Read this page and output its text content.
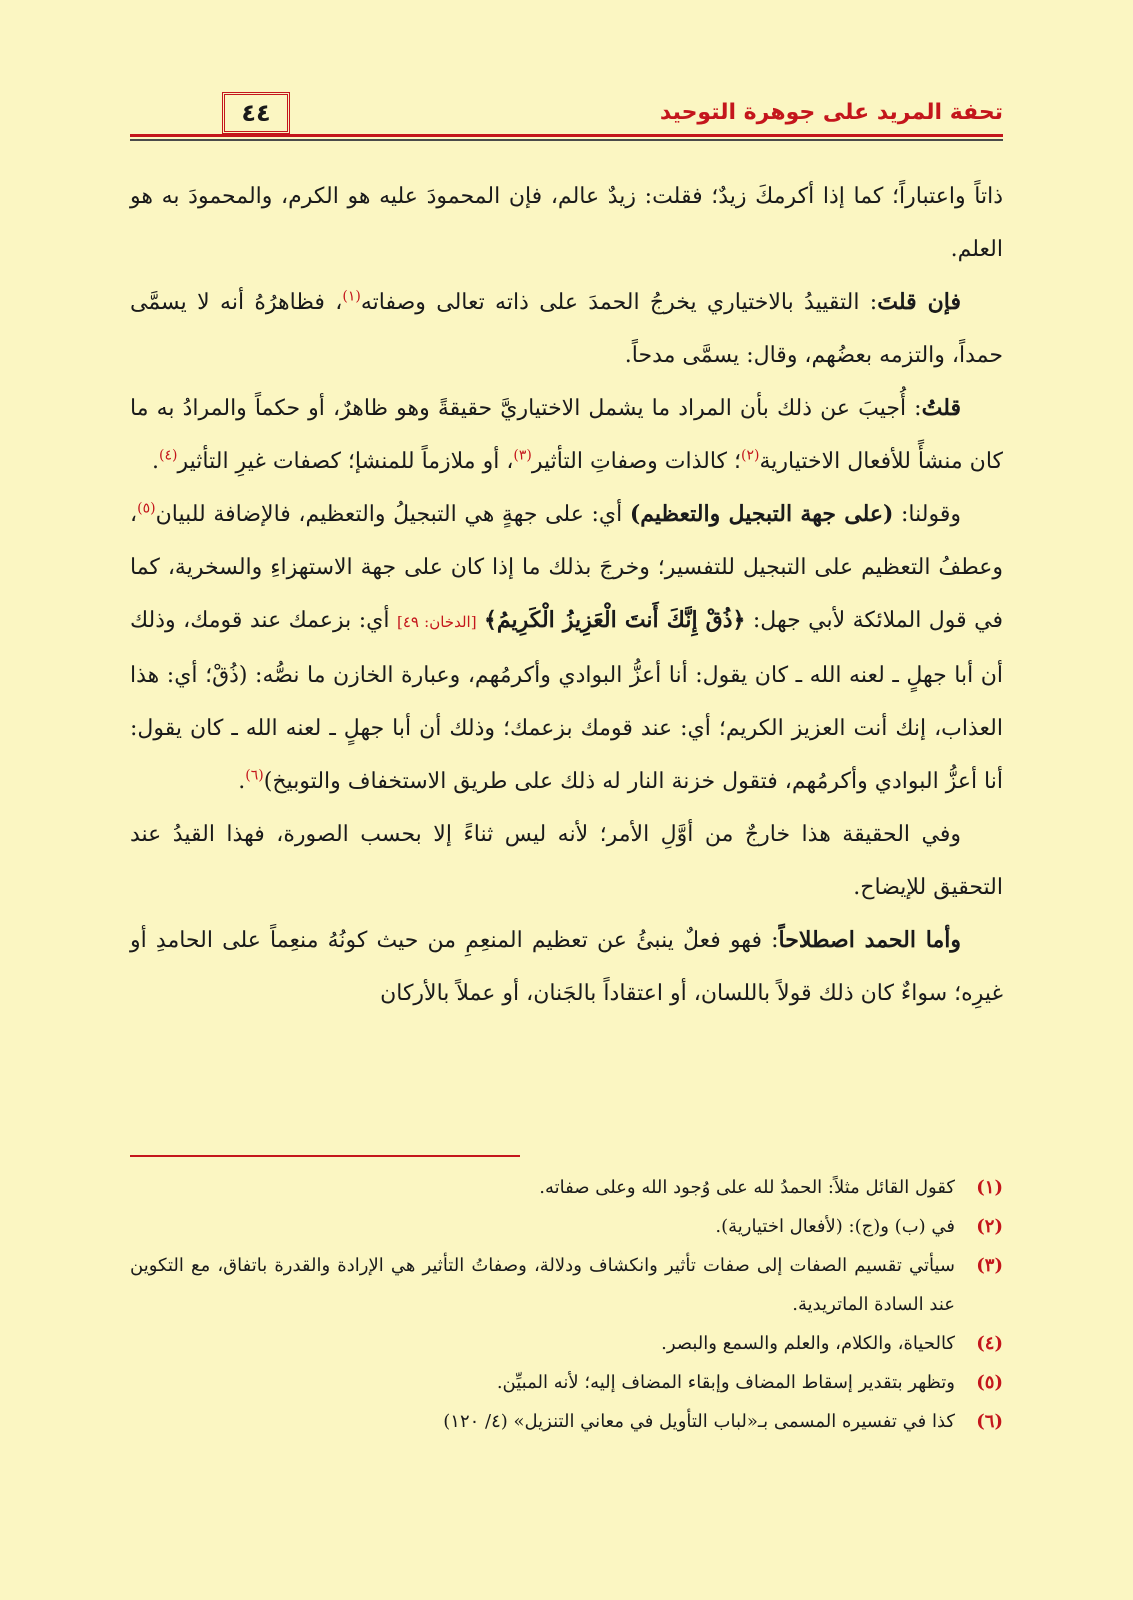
تحفة المريد على جوهرة التوحيد
٤٤

ذاتاً واعتباراً؛ كما إذا أكرمكَ زيدٌ؛ فقلت: زيدٌ عالم، فإن المحمودَ عليه هو الكرم، والمحمودَ به هو العلم.

فإن قلتَ: التقييدُ بالاختياري يخرجُ الحمدَ على ذاته تعالى وصفاته$^{(١)}$، فظاهرُهُ أنه لا يسمَّى حمداً، والتزمه بعضُهم، وقال: يسمَّى مدحاً.

قلتُ: أُجيبَ عن ذلك بأن المراد ما يشمل الاختياريَّ حقيقةً وهو ظاهرٌ، أو حكماً والمرادُ به ما كان منشأً للأفعال الاختيارية$^{(٢)}$؛ كالذات وصفاتِ التأثير$^{(٣)}$، أو ملازماً للمنشإ؛ كصفات غيرِ التأثير$^{(٤)}$.

وقولنا: (على جهة التبجيل والتعظيم) أي: على جهةٍ هي التبجيلُ والتعظيم، فالإضافة للبيان$^{(٥)}$، وعطفُ التعظيم على التبجيل للتفسير؛ وخرجَ بذلك ما إذا كان على جهة الاستهزاءِ والسخرية، كما في قول الملائكة لأبي جهل: ﴿ذُقْ إِنَّكَ أَنتَ الْعَزِيزُ الْكَرِيمُ﴾ [الدخان: ٤٩] أي: بزعمك عند قومك، وذلك أن أبا جهلٍ ـ لعنه الله ـ كان يقول: أنا أعزُّ البوادي وأكرمُهم، وعبارة الخازن ما نصُّه: (ذُقْ؛ أي: هذا العذاب، إنك أنت العزيز الكريم؛ أي: عند قومك بزعمك؛ وذلك أن أبا جهلٍ ـ لعنه الله ـ كان يقول: أنا أعزُّ البوادي وأكرمُهم، فتقول خزنة النار له ذلك على طريق الاستخفاف والتوبيخ)$^{(٦)}$.

وفي الحقيقة هذا خارجٌ من أوَّلِ الأمر؛ لأنه ليس ثناءً إلا بحسب الصورة، فهذا القيدُ عند التحقيق للإيضاح.

وأما الحمد اصطلاحاً: فهو فعلٌ ينبئُ عن تعظيم المنعِمِ من حيث كونُهُ منعِماً على الحامدِ أو غيرِه؛ سواءٌ كان ذلك قولاً باللسان، أو اعتقاداً بالجَنان، أو عملاً بالأركان

(١)
كقول القائل مثلاً: الحمدُ لله على وُجود الله وعلى صفاته.
(٢)
في (ب) و(ج): (لأفعال اختيارية).
(٣)
سيأتي تقسيم الصفات إلى صفات تأثير وانكشاف ودلالة، وصفاتُ التأثير هي الإرادة والقدرة باتفاق، مع التكوين عند السادة الماتريدية.
(٤)
كالحياة، والكلام، والعلم والسمع والبصر.
(٥)
وتظهر بتقدير إسقاط المضاف وإبقاء المضاف إليه؛ لأنه المبيِّن.
(٦)
كذا في تفسيره المسمى بـ«لباب التأويل في معاني التنزيل» (٤/ ١٢٠)
